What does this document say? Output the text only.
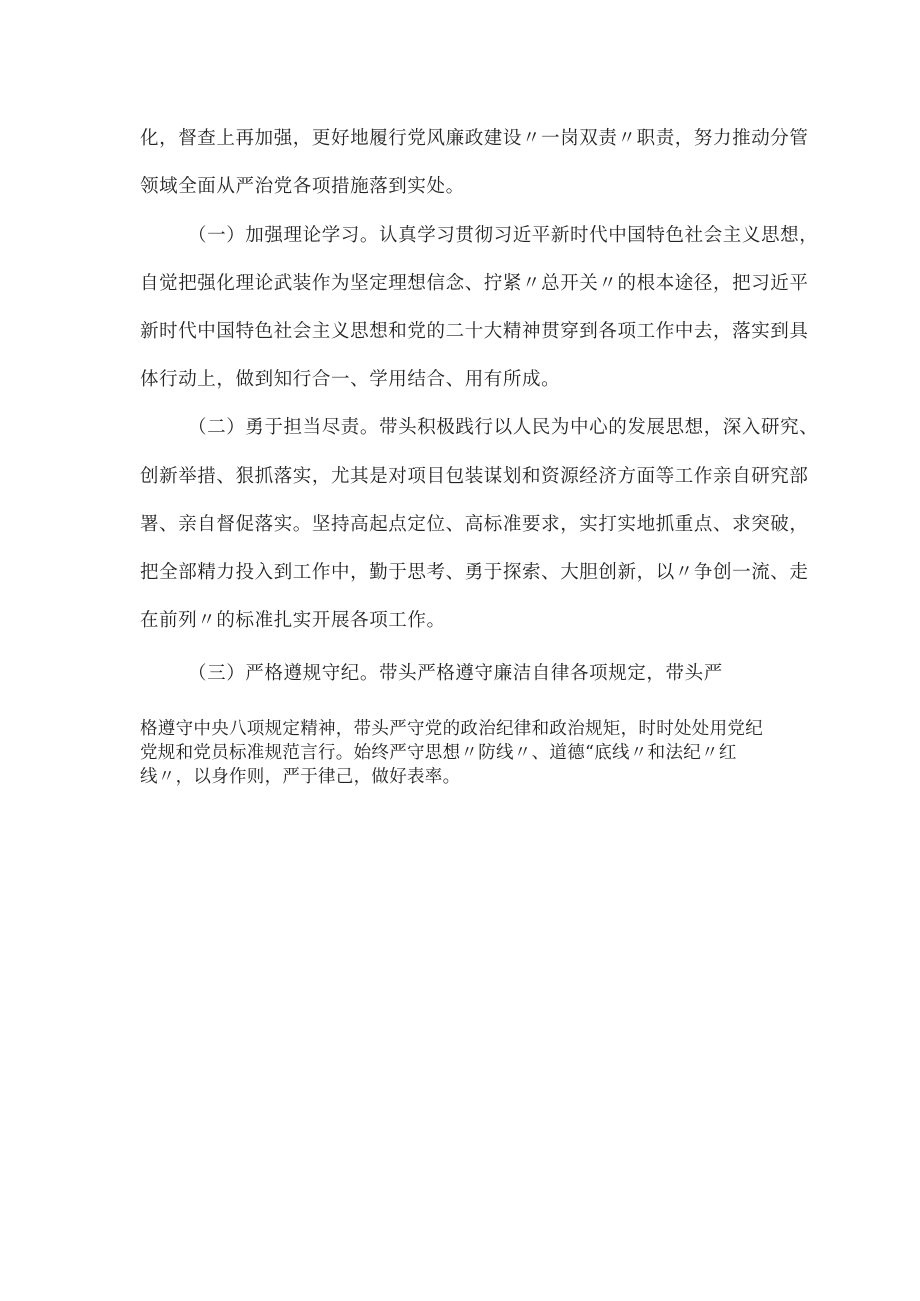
化，督查上再加强，更好地履行党风廉政建设〃一岗双责〃职责，努力推动分管
领域全面从严治党各项措施落到实处。
（一）加强理论学习。认真学习贯彻习近平新时代中国特色社会主义思想，
自觉把强化理论武装作为坚定理想信念、拧紧〃总开关〃的根本途径，把习近平
新时代中国特色社会主义思想和党的二十大精神贯穿到各项工作中去，落实到具
体行动上，做到知行合一、学用结合、用有所成。
（二）勇于担当尽责。带头积极践行以人民为中心的发展思想，深入研究、
创新举措、狠抓落实，尤其是对项目包装谋划和资源经济方面等工作亲自研究部
署、亲自督促落实。坚持高起点定位、高标准要求，实打实地抓重点、求突破，
把全部精力投入到工作中，勤于思考、勇于探索、大胆创新，以〃争创一流、走
在前列〃的标准扎实开展各项工作。
（三）严格遵规守纪。带头严格遵守廉洁自律各项规定，带头严
格遵守中央八项规定精神，带头严守党的政治纪律和政治规矩，时时处处用党纪
党规和党员标准规范言行。始终严守思想〃防线〃、道德“底线〃和法纪〃红
线〃，以身作则，严于律己，做好表率。
